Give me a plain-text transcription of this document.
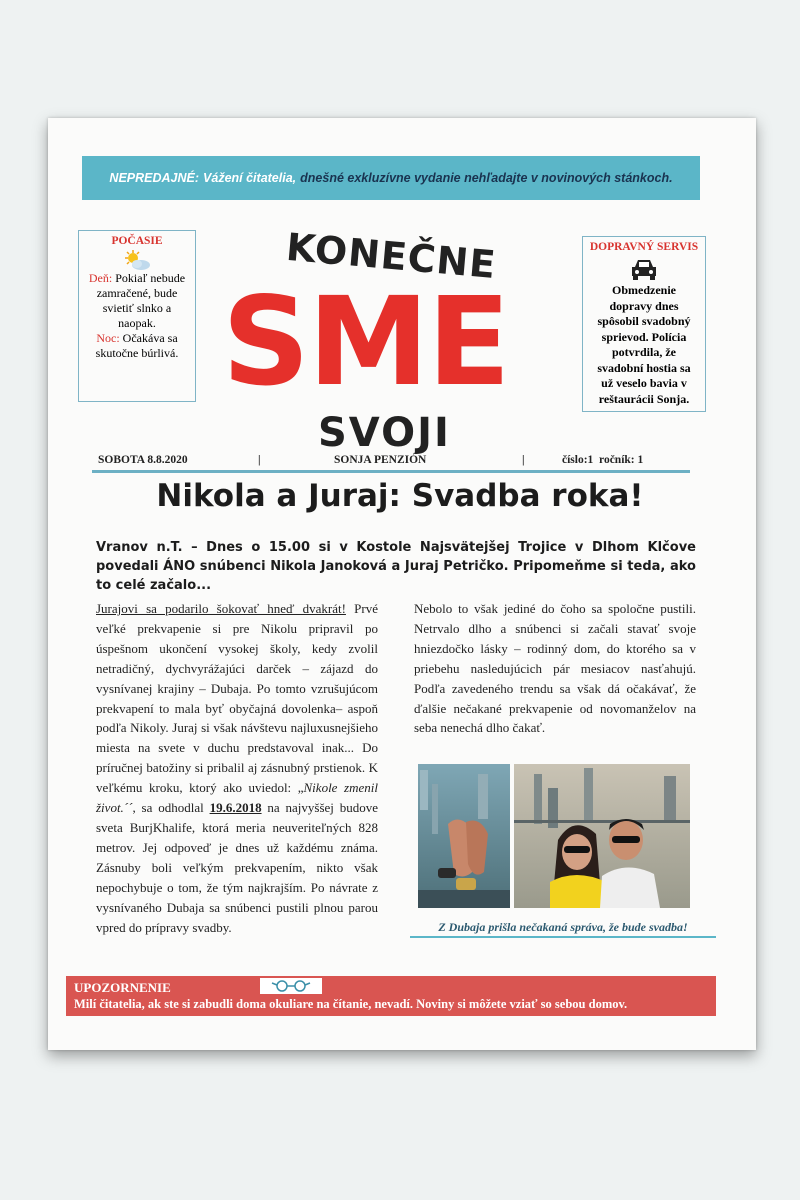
NEPREDAJNÉ: Vážení čitatelia, dnešné exkluzívne vydanie nehľadajte v novinových stánkoch.
POČASIE
Deň: Pokiaľ nebude zamračené, bude svietiť slnko a naopak.
Noc: Očakáva sa skutočne búrlivá.
DOPRAVNÝ SERVIS
Obmedzenie dopravy dnes spôsobil svadobný sprievod. Polícia potvrdila, že svadobní hostia sa už veselo bavia v reštaurácii Sonja.
KONEČNE
SME
SVOJI
SOBOTA 8.8.2020	|	SONJA PENZIÓN	|	číslo:1  ročník: 1
Nikola a Juraj: Svadba roka!
Vranov n.T. – Dnes o 15.00 si v Kostole Najsvätejšej Trojice v Dlhom Klčove povedali ÁNO snúbenci Nikola Janoková a Juraj Petričko. Pripomeňme si teda, ako to celé začalo...
Jurajovi sa podarilo šokovať hneď dvakrát! Prvé veľké prekvapenie si pre Nikolu pripravil po úspešnom ukončení vysokej školy, kedy zvolil netradičný, dychvyrážajúci darček – zájazd do vysnívanej krajiny – Dubaja. Po tomto vzrušujúcom prekvapení to mala byť obyčajná dovolenka– aspoň podľa Nikoly. Juraj si však návštevu najluxusnejšieho miesta na svete v duchu predstavoval inak... Do príručnej batožiny si pribalil aj zásnubný prstienok. K veľkému kroku, ktorý ako uviedol: „Nikole zmenil život.´´, sa odhodlal 19.6.2018 na najvyššej budove sveta BurjKhalife, ktorá meria neuveriteľných 828 metrov. Jej odpoveď je dnes už každému známa. Zásnuby boli veľkým prekvapením, nikto však nepochybuje o tom, že tým najkrajším. Po návrate z vysnívaného Dubaja sa snúbenci pustili plnou parou vpred do prípravy svadby.
Nebolo to však jediné do čoho sa spoločne pustili. Netrvalo dlho a snúbenci si začali stavať svoje hniezdočko lásky – rodinný dom, do ktorého sa v priebehu nasledujúcich pár mesiacov nasťahujú. Podľa zavedeného trendu sa však dá očakávať, že ďalšie nečakané prekvapenie od novomanželov na seba nenechá dlho čakať.
Z Dubaja prišla nečakaná správa, že bude svadba!
UPOZORNENIE
Milí čitatelia, ak ste si zabudli doma okuliare na čítanie, nevadí. Noviny si môžete vziať so sebou domov.
